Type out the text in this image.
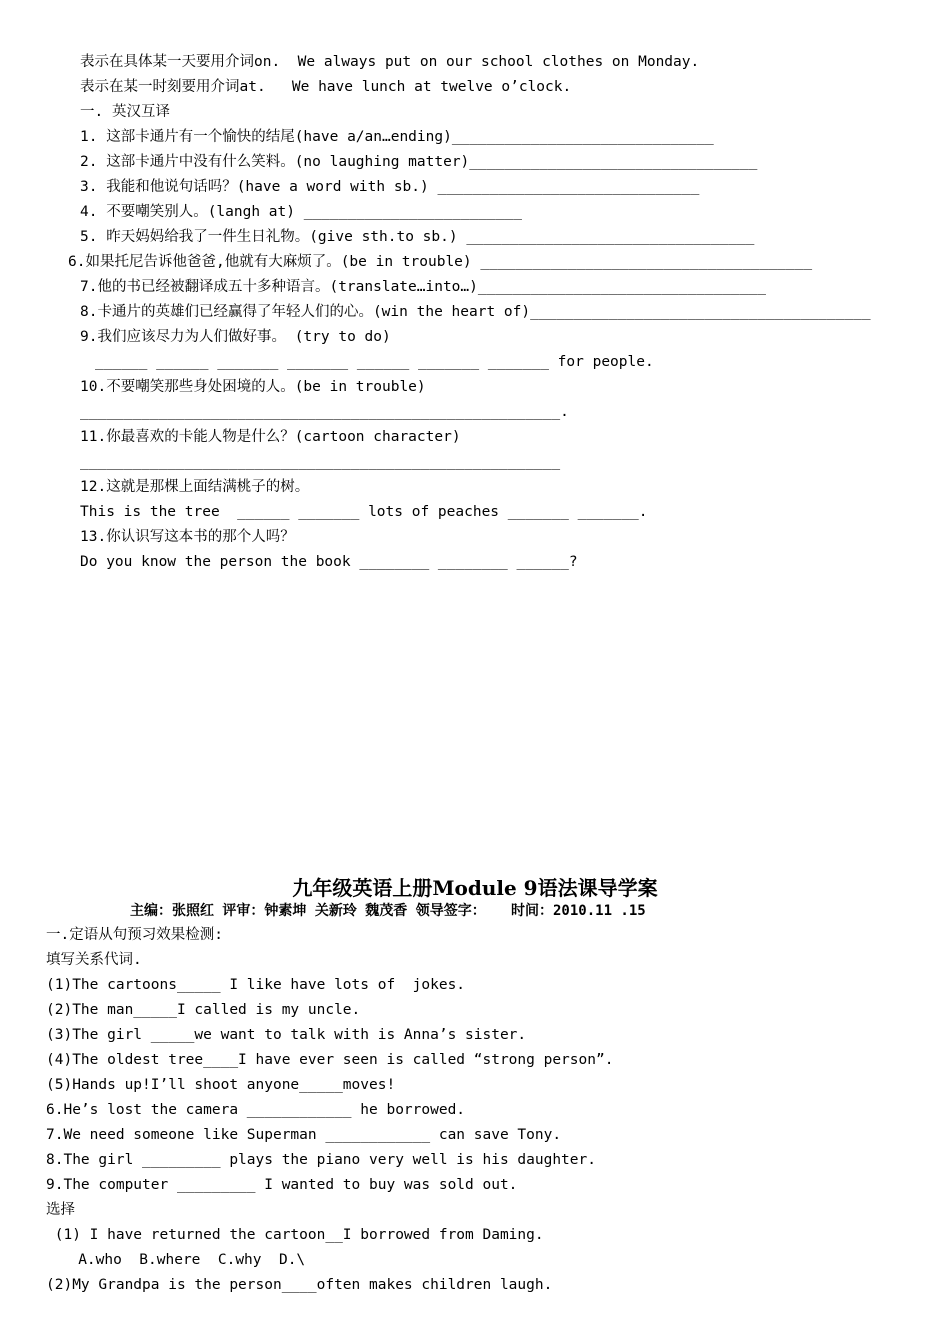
表示在具体某一天要用介词on.  We always put on our school clothes on Monday.
表示在某一时刻要用介词at.   We have lunch at twelve o’clock.
一. 英汉互译
1. 这部卡通片有一个愉快的结尾(have a/an…ending)______________________________
2. 这部卡通片中没有什么笑料。(no laughing matter)_________________________________
3. 我能和他说句话吗？(have a word with sb.) ______________________________
4. 不要嘲笑别人。(langh at) _________________________
5. 昨天妈妈给我了一件生日礼物。(give sth.to sb.) _________________________________
6.如果托尼告诉他爸爸,他就有大麻烦了。(be in trouble) ______________________________________
7.他的书已经被翻译成五十多种语言。(translate…into…)_________________________________
8.卡通片的英雄们已经赢得了年轻人们的心。(win the heart of)_______________________________________
9.我们应该尽力为人们做好事。 (try to do)
______ ______ _______ _______ ______ _______ _______ for people.
10.不要嘲笑那些身处困境的人。(be in trouble)
_______________________________________________________.
11.你最喜欢的卡能人物是什么？(cartoon character)
_______________________________________________________
12.这就是那棵上面结满桃子的树。
This is the tree  ______ _______ lots of peaches _______ _______.
13.你认识写这本书的那个人吗？
Do you know the person the book ________ ________ ______?
九年级英语上册Module 9语法课导学案
主编：张照红 评审：钟素坤 关新玲 魏茂香 领导签字：   时间：2010.11 .15
一.定语从句预习效果检测:
填写关系代词.
(1)The cartoons_____ I like have lots of  jokes.
(2)The man_____I called is my uncle.
(3)The girl _____we want to talk with is Anna’s sister.
(4)The oldest tree____I have ever seen is called “strong person”.
(5)Hands up!I’ll shoot anyone_____moves!
6.He’s lost the camera ____________ he borrowed.
7.We need someone like Superman ____________ can save Tony.
8.The girl _________ plays the piano very well is his daughter.
9.The computer _________ I wanted to buy was sold out.
选择
(1) I have returned the cartoon__I borrowed from Daming.
A.who  B.where  C.why  D.\
(2)My Grandpa is the person____often makes children laugh.
